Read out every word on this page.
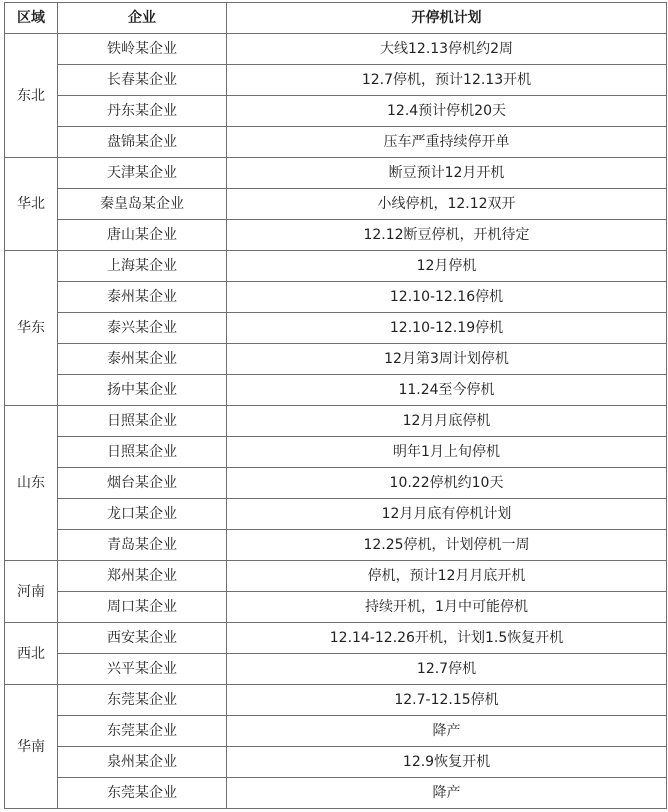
区域	企业	开停机计划
东北	铁岭某企业	大线12.13停机约2周
	长春某企业	12.7停机，预计12.13开机
	丹东某企业	12.4预计停机20天
	盘锦某企业	压车严重持续停开单
华北	天津某企业	断豆预计12月开机
	秦皇岛某企业	小线停机，12.12双开
	唐山某企业	12.12断豆停机，开机待定
华东	上海某企业	12月停机
	泰州某企业	12.10-12.16停机
	泰兴某企业	12.10-12.19停机
	泰州某企业	12月第3周计划停机
	扬中某企业	11.24至今停机
山东	日照某企业	12月月底停机
	日照某企业	明年1月上旬停机
	烟台某企业	10.22停机约10天
	龙口某企业	12月月底有停机计划
	青岛某企业	12.25停机，计划停机一周
河南	郑州某企业	停机，预计12月月底开机
	周口某企业	持续开机，1月中可能停机
西北	西安某企业	12.14-12.26开机，计划1.5恢复开机
	兴平某企业	12.7停机
华南	东莞某企业	12.7-12.15停机
	东莞某企业	降产
	泉州某企业	12.9恢复开机
	东莞某企业	降产
